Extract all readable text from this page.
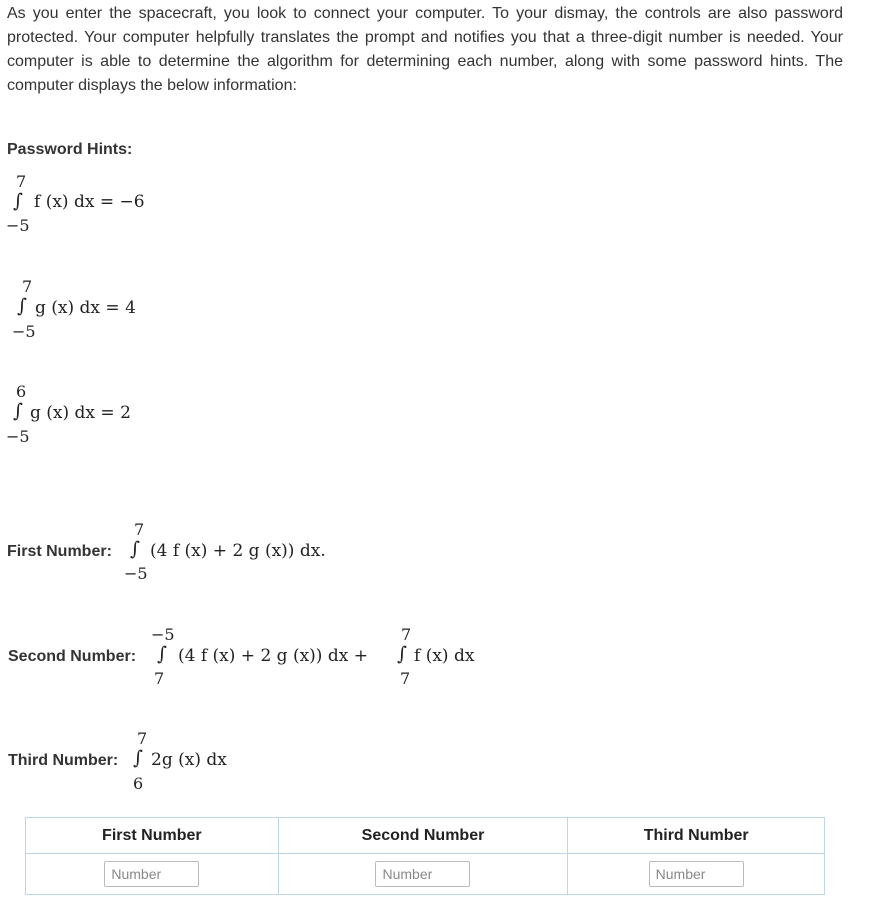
As you enter the spacecraft, you look to connect your computer. To your dismay, the controls are also password protected. Your computer helpfully translates the prompt and notifies you that a three-digit number is needed. Your computer is able to determine the algorithm for determining each number, along with some password hints. The computer displays the below information:

Password Hints:

7
∫ f (x) dx = −6
−5
7
∫ g (x) dx = 4
−5
6
∫ g (x) dx = 2
−5
First Number:
7
∫ (4 f (x) + 2 g (x)) dx.
−5
Second Number:
−5
∫ (4 f (x) + 2 g (x)) dx +
7
7
∫ f (x) dx
7
Third Number:
7
∫ 2g (x) dx
6
First Number	Second Number	Third Number
Number	Number	Number
